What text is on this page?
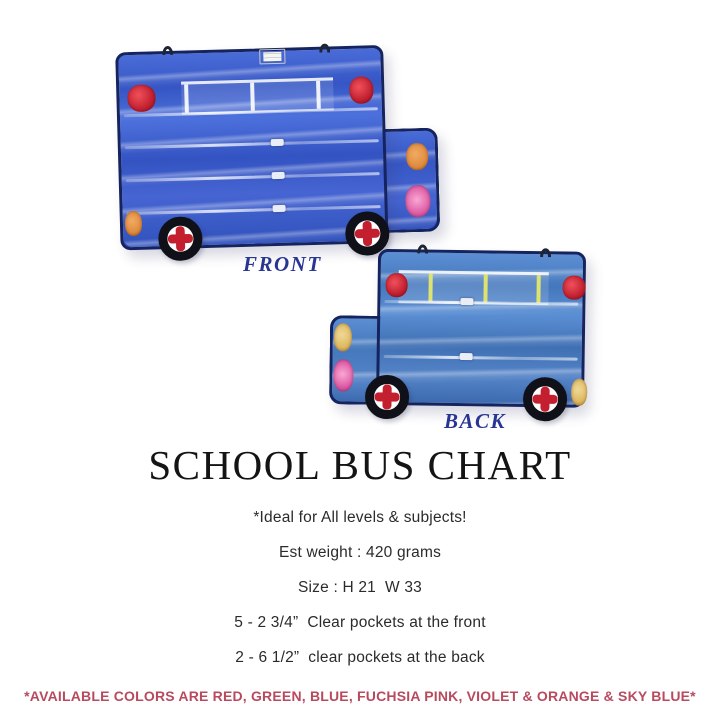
FRONT
BACK
SCHOOL BUS CHART

*Ideal for All levels & subjects!

Est weight : 420 grams

Size : H 21  W 33

5 - 2 3/4”  Clear pockets at the front

2 - 6 1/2”  clear pockets at the back

*AVAILABLE COLORS ARE RED, GREEN, BLUE, FUCHSIA PINK, VIOLET & ORANGE & SKY BLUE*
